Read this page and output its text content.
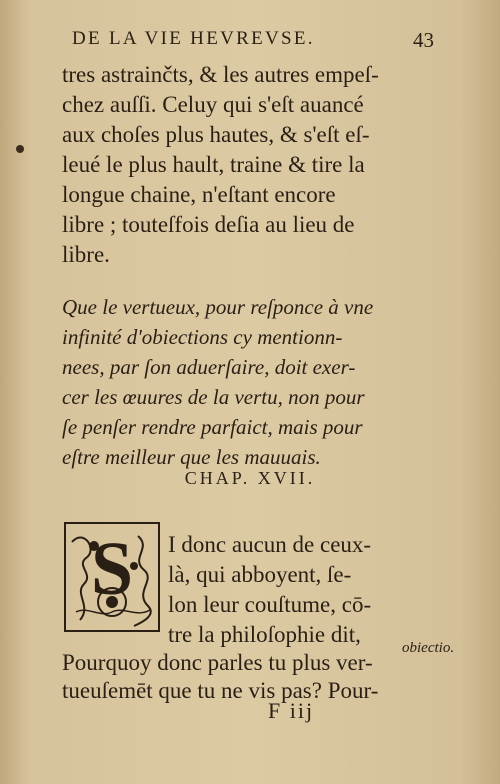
DE LA VIE HEVREVSE.	43
tres astrainčts, & les autres empeſ-
chez auſſi. Celuy qui s'eſt auancé
aux choſes plus hautes, & s'eſt eſ-
leué le plus hault, traine & tire la
longue chaine, n'eſtant encore
libre ; touteſfois deſia au lieu de
libre.
Que le vertueux, pour reſponce à vne
infinité d'obiections cy mentionn-
nees, par ſon aduerſaire, doit exer-
cer les œuures de la vertu, non pour
ſe penſer rendre parfaict, mais pour
eſtre meilleur que les mauuais.
CHAP. XVII.
S I donc aucun de ceux-
là, qui abboyent, ſe-
lon leur couſtume, cō-
tre la philoſophie dit,
Pourquoy donc parles tu plus ver-
tueuſemēt que tu ne vis pas? Pour-
obiectio.
F iij
